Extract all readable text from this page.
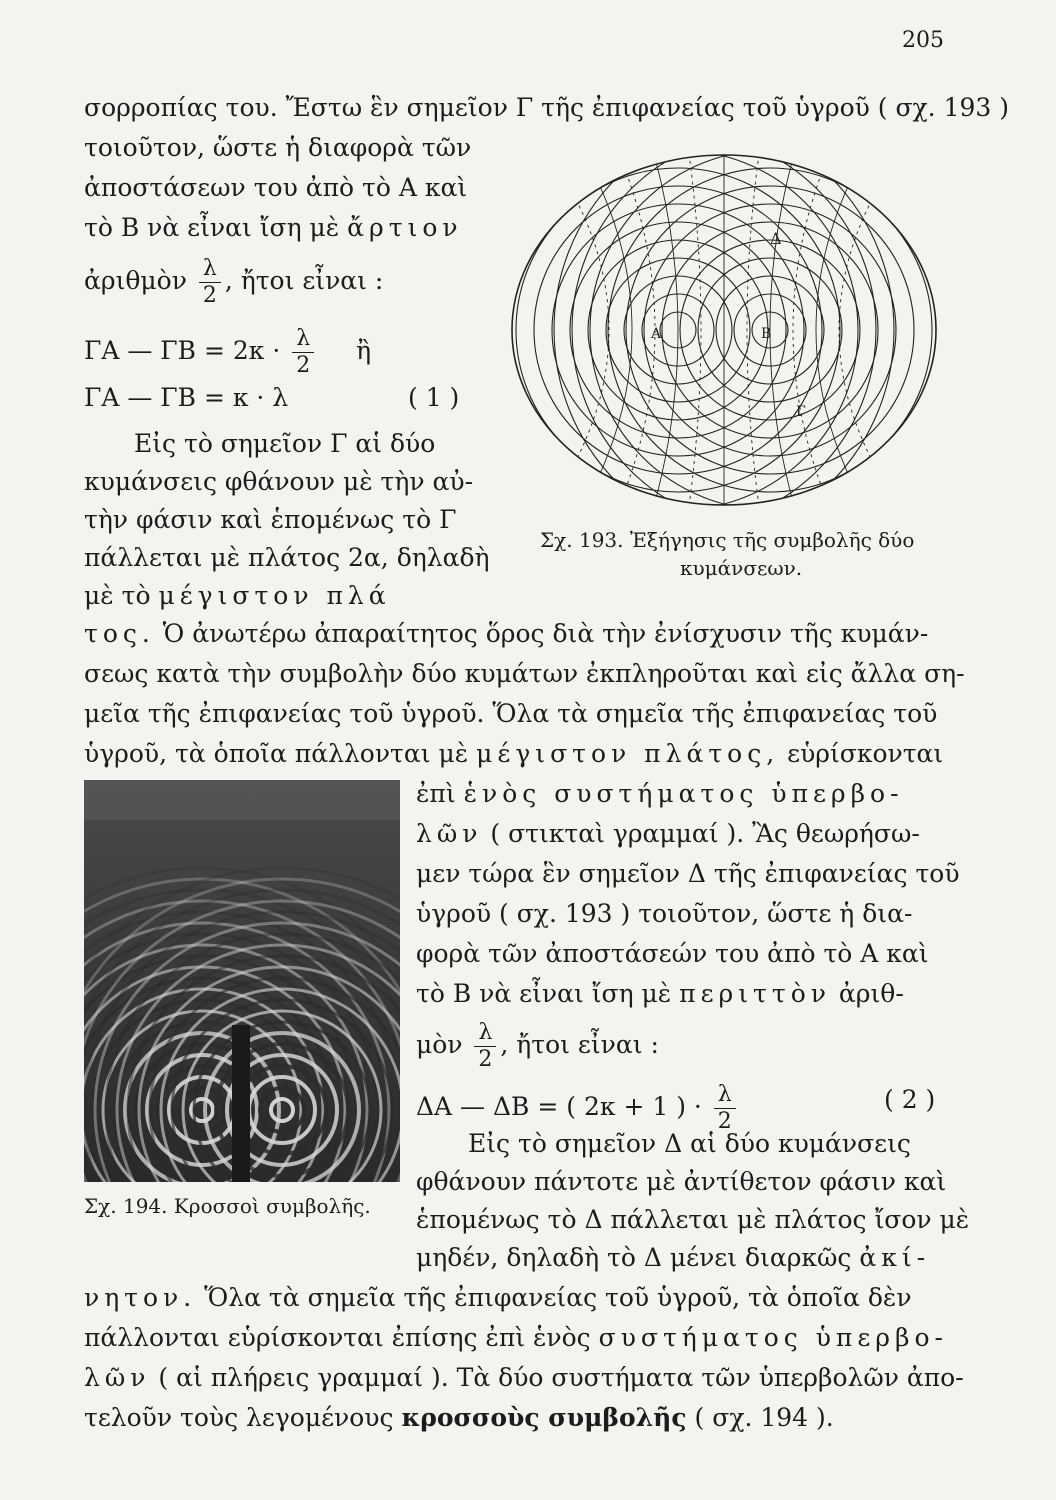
205
σορροπίας του. Ἔστω ἓν σημεῖον Γ τῆς ἐπιφανείας τοῦ ὑγροῦ ( σχ. 193 )
τοιοῦτον, ὥστε ἡ διαφορὰ τῶν
ἀποστάσεων του ἀπὸ τὸ Α καὶ
τὸ Β νὰ εἶναι ἴση μὲ ἄρτιον
ἀριθμὸν $\frac{\lambda}{2}$ , ἤτοι εἶναι :
ΓΑ — $\Gamma B = 2\kappa \cdot \frac{\lambda}{2}$ ἢ
ΓΑ — ΓΒ = κ · λ	( 1 )
Εἰς τὸ σημεῖον Γ αἱ δύο
κυμάνσεις φθάνουν μὲ τὴν αὐ-
τὴν φάσιν καὶ ἑπομένως τὸ Γ
πάλλεται μὲ πλάτος 2α, δηλαδὴ
μὲ τὸ μέγιστον πλά
τος. Ὁ ἀνωτέρω ἀπαραίτητος ὅρος διὰ τὴν ἐνίσχυσιν τῆς κυμάν-
σεως κατὰ τὴν συμβολὴν δύο κυμάτων ἐκπληροῦται καὶ εἰς ἄλλα ση-
μεῖα τῆς ἐπιφανείας τοῦ ὑγροῦ. Ὅλα τὰ σημεῖα τῆς ἐπιφανείας τοῦ
ὑγροῦ, τὰ ὁποῖα πάλλονται μὲ μέγιστον πλάτος, εὑρίσκονται
ἐπὶ ἑνὸς συστήματος ὑπερβο-
λῶν ( στικταὶ γραμμαί ). Ἂς θεωρήσω-
μεν τώρα ἓν σημεῖον Δ τῆς ἐπιφανείας τοῦ
ὑγροῦ ( σχ. 193 ) τοιοῦτον, ὥστε ἡ δια-
φορὰ τῶν ἀποστάσεών του ἀπὸ τὸ Α καὶ
τὸ Β νὰ εἶναι ἴση μὲ περιττὸν ἀριθ-
μὸν $\frac{\lambda}{2}$ , ἤτοι εἶναι :
ΔΑ — ΔΒ = ( 2κ + 1 ) · $\frac{\lambda}{2}$	( 2 )
Εἰς τὸ σημεῖον Δ αἱ δύο κυμάνσεις
φθάνουν πάντοτε μὲ ἀντίθετον φάσιν καὶ
ἑπομένως τὸ Δ πάλλεται μὲ πλάτος ἴσον μὲ
μηδέν, δηλαδὴ τὸ Δ μένει διαρκῶς ἀκί-
νητον. Ὅλα τὰ σημεῖα τῆς ἐπιφανείας τοῦ ὑγροῦ, τὰ ὁποῖα δὲν
πάλλονται εὑρίσκονται ἐπίσης ἐπὶ ἑνὸς συστήματος ὑπερβο-
λῶν ( αἱ πλήρεις γραμμαί ). Τὰ δύο συστήματα τῶν ὑπερβολῶν ἀπο-
τελοῦν τοὺς λεγομένους κροσσοὺς συμβολῆς ( σχ. 194 ).
Α	Β
Γ
Δ
Σχ. 193. Ἐξήγησις τῆς συμβολῆς δύο
κυμάνσεων.
Σχ. 194. Κροσσοὶ συμβολῆς.
